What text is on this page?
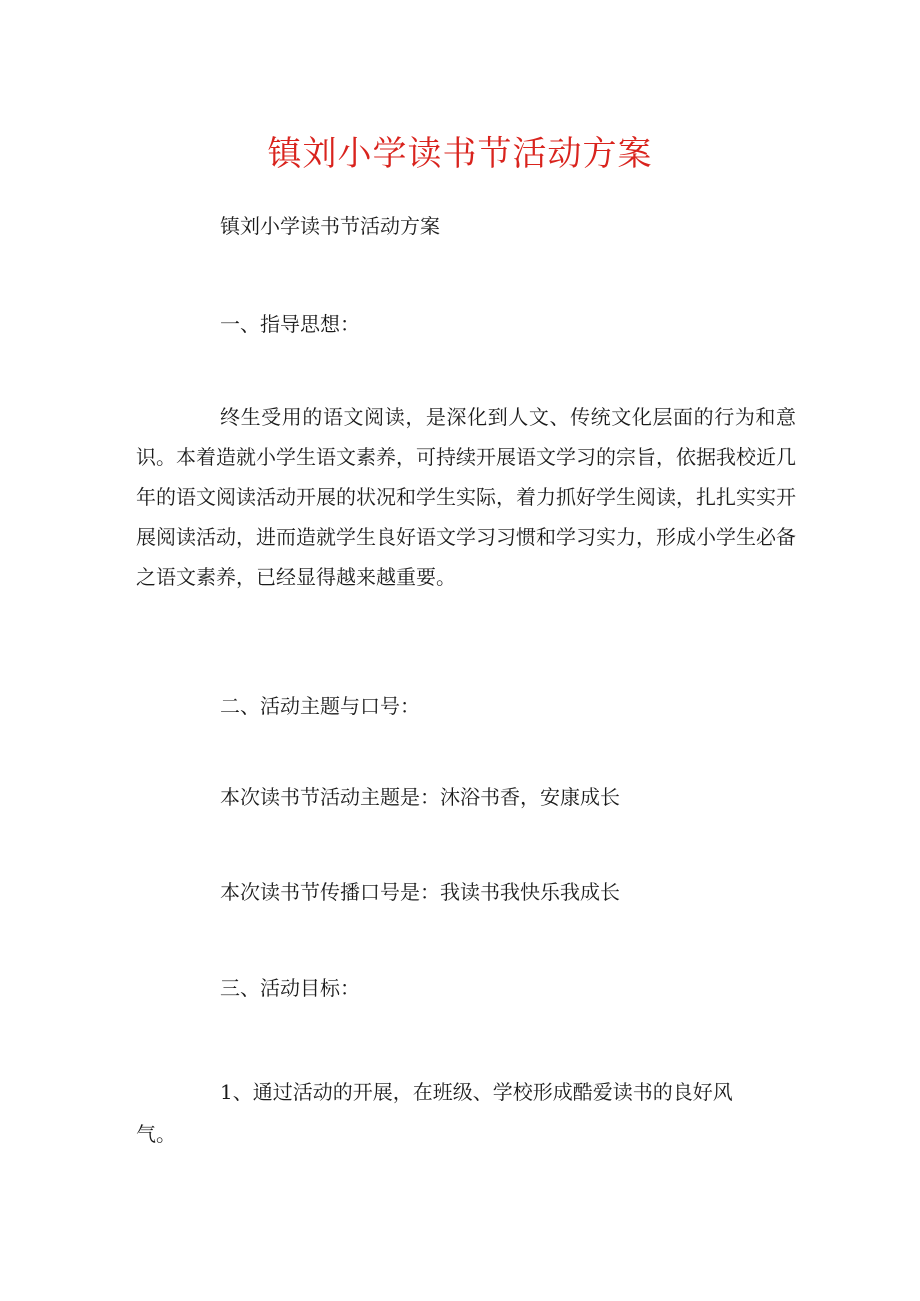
镇刘小学读书节活动方案
镇刘小学读书节活动方案
一、指导思想：
终生受用的语文阅读，是深化到人文、传统文化层面的行为和意识。本着造就小学生语文素养，可持续开展语文学习的宗旨，依据我校近几年的语文阅读活动开展的状况和学生实际，着力抓好学生阅读，扎扎实实开展阅读活动，进而造就学生良好语文学习习惯和学习实力，形成小学生必备之语文素养，已经显得越来越重要。
二、活动主题与口号：
本次读书节活动主题是：沐浴书香，安康成长
本次读书节传播口号是：我读书我快乐我成长
三、活动目标：
1、通过活动的开展，在班级、学校形成酷爱读书的良好风气。
